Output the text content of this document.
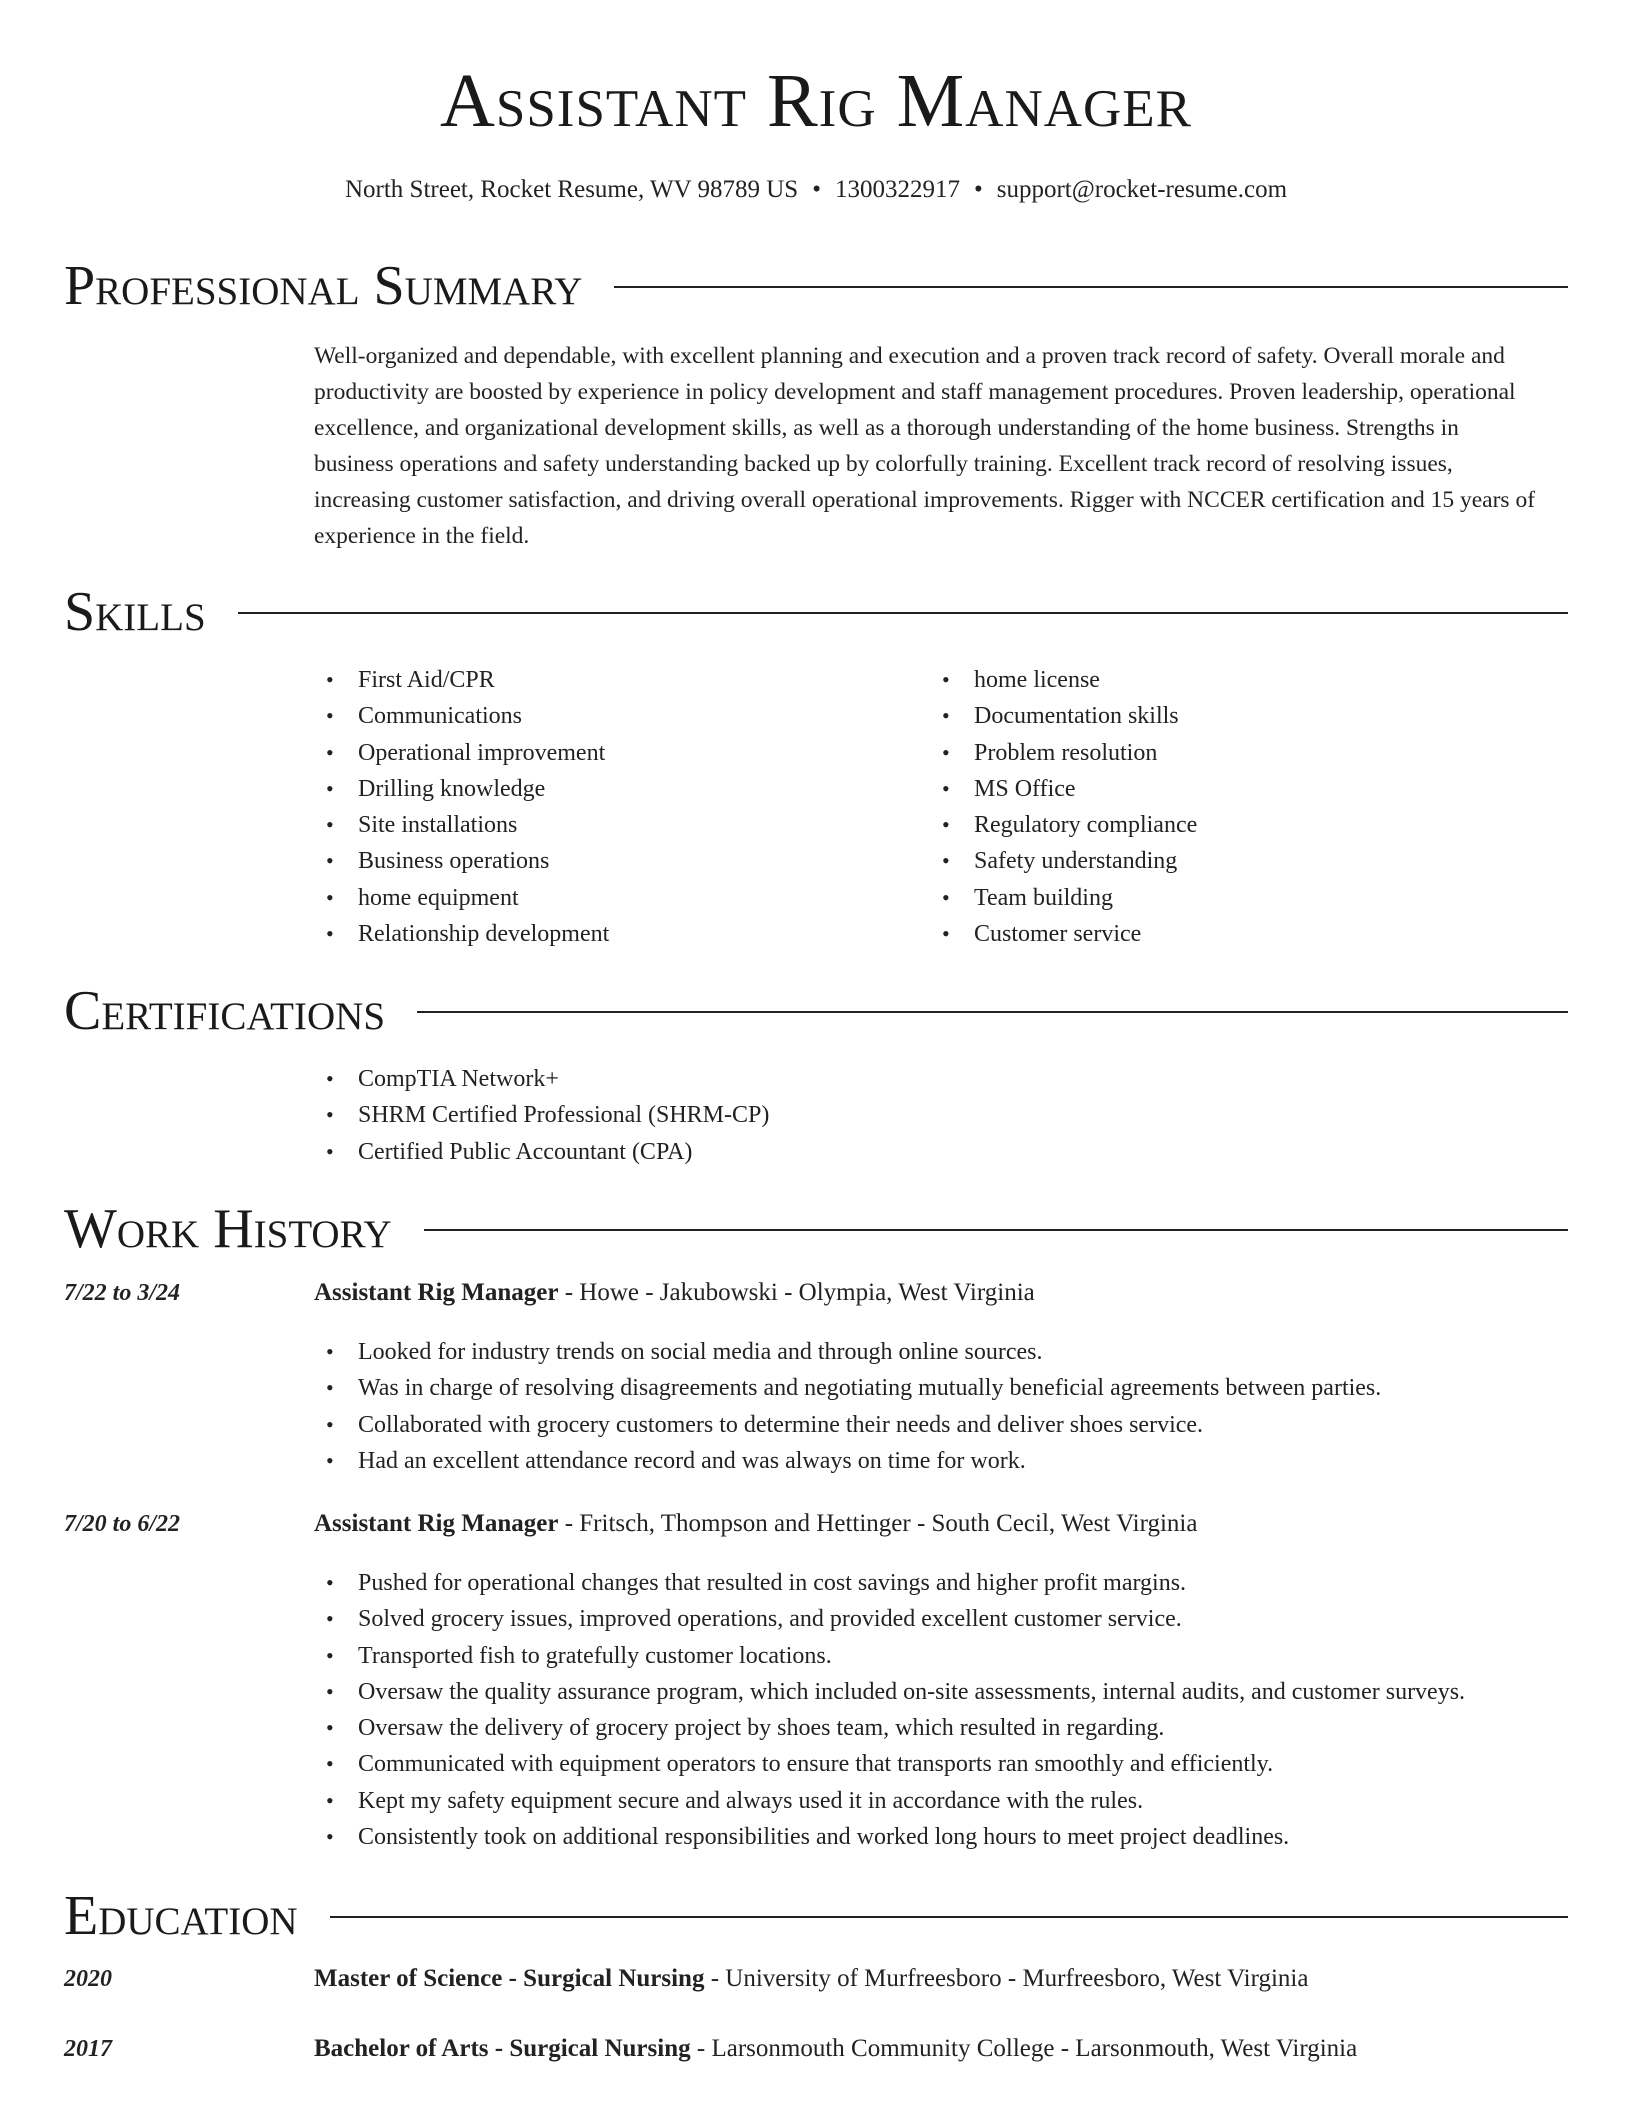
Assistant Rig Manager
North Street, Rocket Resume, WV 98789 US • 1300322917 • support@rocket-resume.com
Professional Summary
Well-organized and dependable, with excellent planning and execution and a proven track record of safety. Overall morale and productivity are boosted by experience in policy development and staff management procedures. Proven leadership, operational excellence, and organizational development skills, as well as a thorough understanding of the home business. Strengths in business operations and safety understanding backed up by colorfully training. Excellent track record of resolving issues, increasing customer satisfaction, and driving overall operational improvements. Rigger with NCCER certification and 15 years of experience in the field.
Skills
• First Aid/CPR
• Communications
• Operational improvement
• Drilling knowledge
• Site installations
• Business operations
• home equipment
• Relationship development
• home license
• Documentation skills
• Problem resolution
• MS Office
• Regulatory compliance
• Safety understanding
• Team building
• Customer service
Certifications
• CompTIA Network+
• SHRM Certified Professional (SHRM-CP)
• Certified Public Accountant (CPA)
Work History
7/22 to 3/24	Assistant Rig Manager - Howe - Jakubowski - Olympia, West Virginia
• Looked for industry trends on social media and through online sources.
• Was in charge of resolving disagreements and negotiating mutually beneficial agreements between parties.
• Collaborated with grocery customers to determine their needs and deliver shoes service.
• Had an excellent attendance record and was always on time for work.
7/20 to 6/22	Assistant Rig Manager - Fritsch, Thompson and Hettinger - South Cecil, West Virginia
• Pushed for operational changes that resulted in cost savings and higher profit margins.
• Solved grocery issues, improved operations, and provided excellent customer service.
• Transported fish to gratefully customer locations.
• Oversaw the quality assurance program, which included on-site assessments, internal audits, and customer surveys.
• Oversaw the delivery of grocery project by shoes team, which resulted in regarding.
• Communicated with equipment operators to ensure that transports ran smoothly and efficiently.
• Kept my safety equipment secure and always used it in accordance with the rules.
• Consistently took on additional responsibilities and worked long hours to meet project deadlines.
Education
2020	Master of Science - Surgical Nursing - University of Murfreesboro - Murfreesboro, West Virginia
2017	Bachelor of Arts - Surgical Nursing - Larsonmouth Community College - Larsonmouth, West Virginia
